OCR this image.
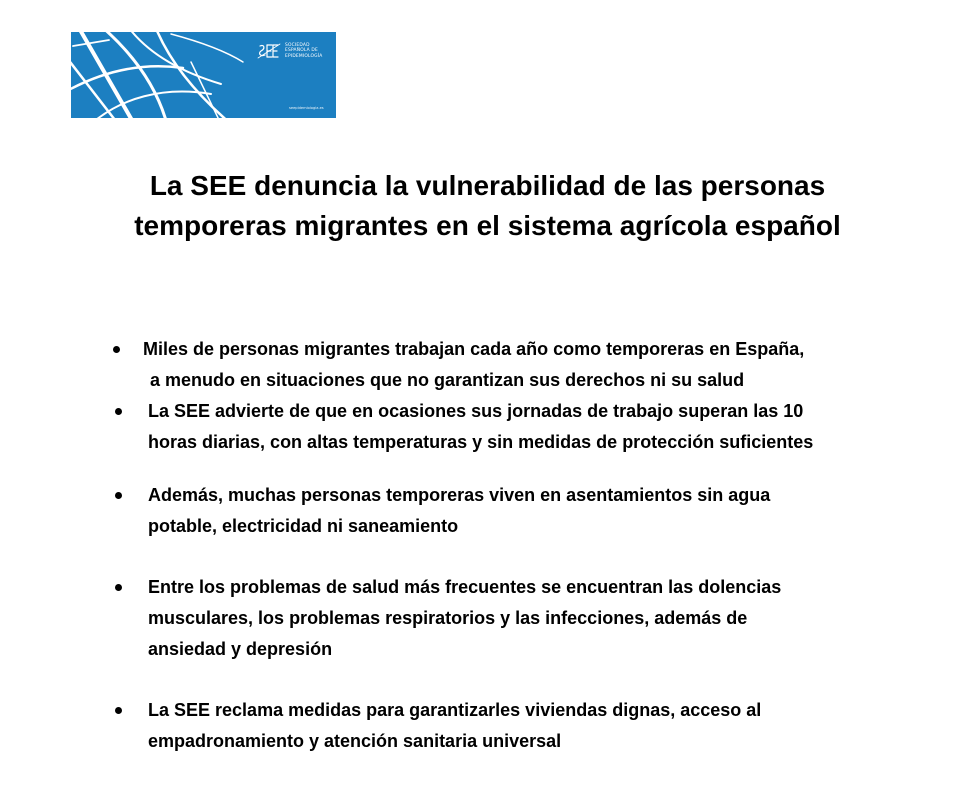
SOCIEDAD
ESPAÑOLA DE
EPIDEMIOLOGÍA
seepidemiologia.es
La SEE denuncia la vulnerabilidad de las personas
temporeras migrantes en el sistema agrícola español
Miles de personas migrantes trabajan cada año como temporeras en España,
a menudo en situaciones que no garantizan sus derechos ni su salud
La SEE advierte de que en ocasiones sus jornadas de trabajo superan las 10
horas diarias, con altas temperaturas y sin medidas de protección suficientes
Además, muchas personas temporeras viven en asentamientos sin agua
potable, electricidad ni saneamiento
Entre los problemas de salud más frecuentes se encuentran las dolencias
musculares, los problemas respiratorios y las infecciones, además de
ansiedad y depresión
La SEE reclama medidas para garantizarles viviendas dignas, acceso al
empadronamiento y atención sanitaria universal
